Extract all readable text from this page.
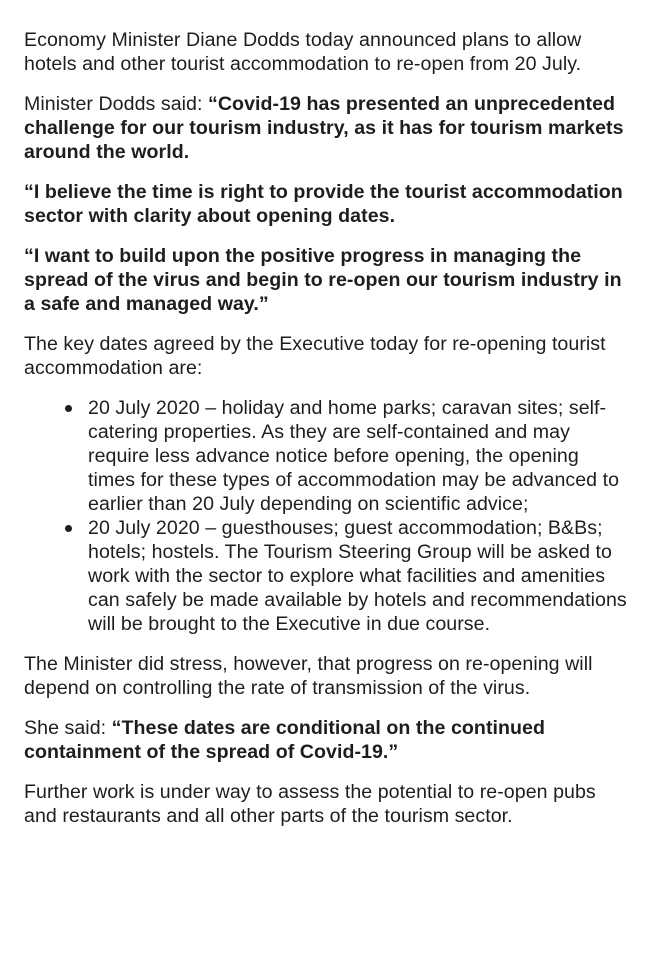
Economy Minister Diane Dodds today announced plans to allow hotels and other tourist accommodation to re-open from 20 July.

Minister Dodds said: “Covid-19 has presented an unprecedented challenge for our tourism industry, as it has for tourism markets around the world.

“I believe the time is right to provide the tourist accommodation sector with clarity about opening dates.

“I want to build upon the positive progress in managing the spread of the virus and begin to re-open our tourism industry in a safe and managed way.”

The key dates agreed by the Executive today for re-opening tourist accommodation are:

20 July 2020 – holiday and home parks; caravan sites; self-catering properties. As they are self-contained and may require less advance notice before opening, the opening times for these types of accommodation may be advanced to earlier than 20 July depending on scientific advice;
20 July 2020 – guesthouses; guest accommodation; B&Bs; hotels; hostels. The Tourism Steering Group will be asked to work with the sector to explore what facilities and amenities can safely be made available by hotels and recommendations will be brought to the Executive in due course.

The Minister did stress, however, that progress on re-opening will depend on controlling the rate of transmission of the virus.

She said: “These dates are conditional on the continued containment of the spread of Covid-19.”

Further work is under way to assess the potential to re-open pubs and restaurants and all other parts of the tourism sector.
